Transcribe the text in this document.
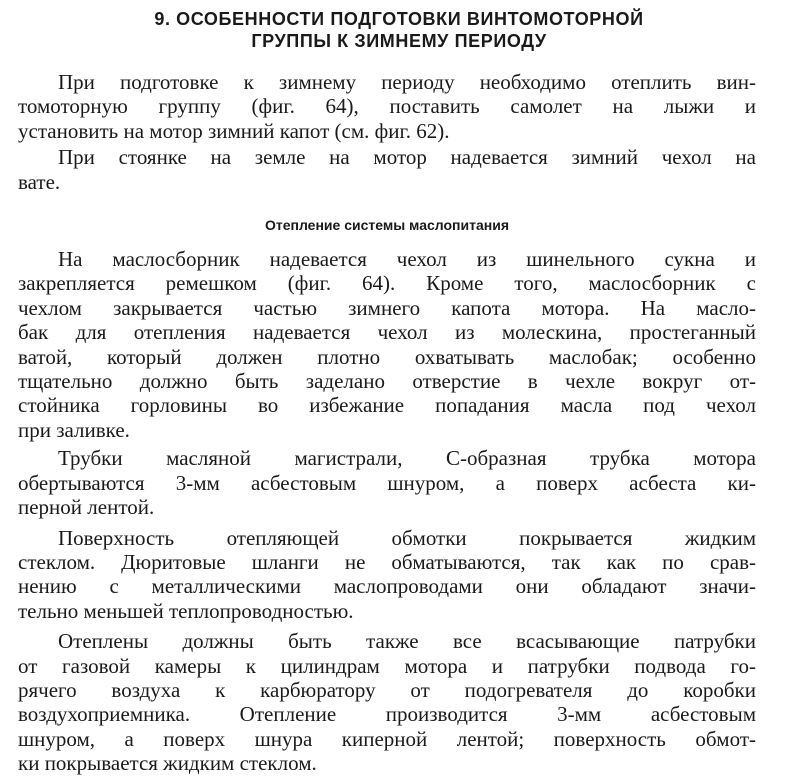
9. ОСОБЕННОСТИ ПОДГОТОВКИ ВИНТОМОТОРНОЙ
ГРУППЫ К ЗИМНЕМУ ПЕРИОДУ

При подготовке к зимнему периоду необходимо отеплить вин-
томоторную группу (фиг. 64), поставить самолет на лыжи и
установить на мотор зимний капот (см. фиг. 62).

При стоянке на земле на мотор надевается зимний чехол на
вате.

Отепление системы маслопитания

На маслосборник надевается чехол из шинельного сукна и
закрепляется ремешком (фиг. 64). Кроме того, маслосборник с
чехлом закрывается частью зимнего капота мотора. На масло-
бак для отепления надевается чехол из молескина, простеганный
ватой, который должен плотно охватывать маслобак; особенно
тщательно должно быть заделано отверстие в чехле вокруг от-
стойника горловины во избежание попадания масла под чехол
при заливке.

Трубки масляной магистрали, С-образная трубка мотора
обертываются 3-мм асбестовым шнуром, а поверх асбеста ки-
перной лентой.

Поверхность отепляющей обмотки покрывается жидким
стеклом. Дюритовые шланги не обматываются, так как по срав-
нению с металлическими маслопроводами они обладают значи-
тельно меньшей теплопроводностью.

Отеплены должны быть также все всасывающие патрубки
от газовой камеры к цилиндрам мотора и патрубки подвода го-
рячего воздуха к карбюратору от подогревателя до коробки
воздухоприемника. Отепление производится 3-мм асбестовым
шнуром, а поверх шнура киперной лентой; поверхность обмот-
ки покрывается жидким стеклом.
